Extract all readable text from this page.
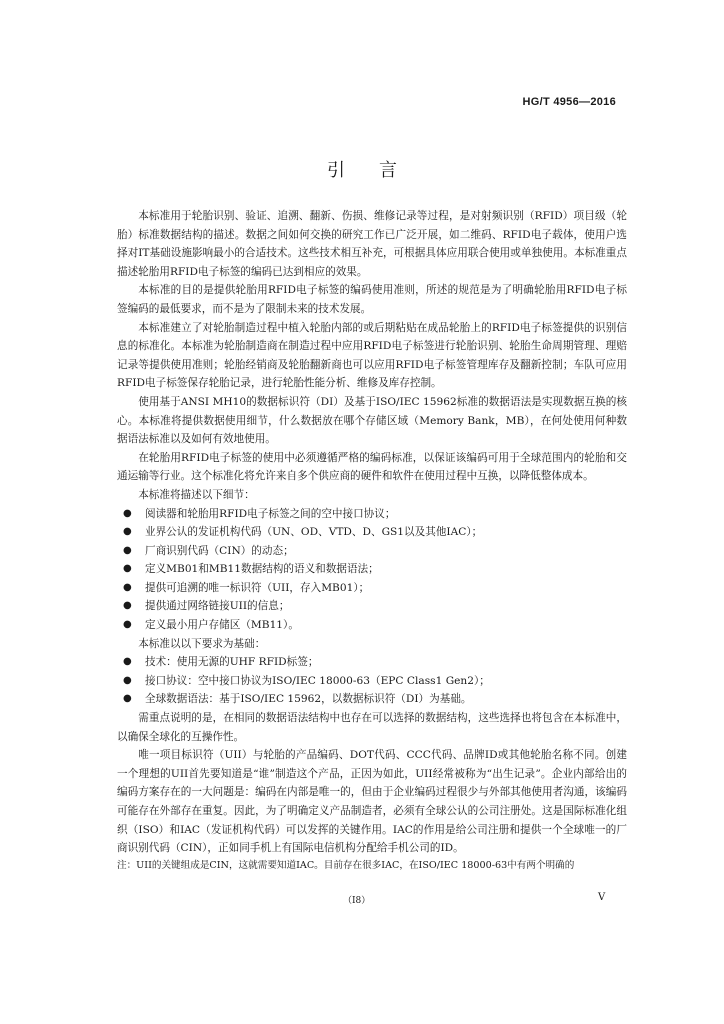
HG/T 4956—2016
引言

本标准用于轮胎识别、验证、追溯、翻新、伤损、维修记录等过程，是对射频识别（RFID）项目级（轮胎）标准数据结构的描述。数据之间如何交换的研究工作已广泛开展，如二维码、RFID电子载体，使用户选择对IT基础设施影响最小的合适技术。这些技术相互补充，可根据具体应用联合使用或单独使用。本标准重点描述轮胎用RFID电子标签的编码已达到相应的效果。

本标准的目的是提供轮胎用RFID电子标签的编码使用准则，所述的规范是为了明确轮胎用RFID电子标签编码的最低要求，而不是为了限制未来的技术发展。

本标准建立了对轮胎制造过程中植入轮胎内部的或后期粘贴在成品轮胎上的RFID电子标签提供的识别信息的标准化。本标准为轮胎制造商在制造过程中应用RFID电子标签进行轮胎识别、轮胎生命周期管理、理赔记录等提供使用准则；轮胎经销商及轮胎翻新商也可以应用RFID电子标签管理库存及翻新控制；车队可应用RFID电子标签保存轮胎记录，进行轮胎性能分析、维修及库存控制。

使用基于ANSI MH10的数据标识符（DI）及基于ISO/IEC 15962标准的数据语法是实现数据互换的核心。本标准将提供数据使用细节，什么数据放在哪个存储区域（Memory Bank，MB），在何处使用何种数据语法标准以及如何有效地使用。

在轮胎用RFID电子标签的使用中必须遵循严格的编码标准，以保证该编码可用于全球范围内的轮胎和交通运输等行业。这个标准化将允许来自多个供应商的硬件和软件在使用过程中互换，以降低整体成本。

本标准将描述以下细节：

● 阅读器和轮胎用RFID电子标签之间的空中接口协议；
● 业界公认的发证机构代码（UN、OD、VTD、D、GS1以及其他IAC）；
● 厂商识别代码（CIN）的动态；
● 定义MB01和MB11数据结构的语义和数据语法；
● 提供可追溯的唯一标识符（UII，存入MB01）；
● 提供通过网络链接UII的信息；
● 定义最小用户存储区（MB11）。

本标准以以下要求为基础：

● 技术：使用无源的UHF RFID标签；
● 接口协议：空中接口协议为ISO/IEC 18000-63（EPC Class1 Gen2）；
● 全球数据语法：基于ISO/IEC 15962，以数据标识符（DI）为基础。

需重点说明的是，在相同的数据语法结构中也存在可以选择的数据结构，这些选择也将包含在本标准中，以确保全球化的互操作性。

唯一项目标识符（UII）与轮胎的产品编码、DOT代码、CCC代码、品牌ID或其他轮胎名称不同。创建一个理想的UII首先要知道是“谁”制造这个产品，正因为如此，UII经常被称为“出生记录”。企业内部给出的编码方案存在的一大问题是：编码在内部是唯一的，但由于企业编码过程很少与外部其他使用者沟通，该编码可能存在外部存在重复。因此，为了明确定义产品制造者，必须有全球公认的公司注册处。这是国际标准化组织（ISO）和IAC（发证机构代码）可以发挥的关键作用。IAC的作用是给公司注册和提供一个全球唯一的厂商识别代码（CIN），正如同手机上有国际电信机构分配给手机公司的ID。

注：UII的关键组成是CIN，这就需要知道IAC。目前存在很多IAC，在ISO/IEC 18000-63中有两个明确的

（I8）	V
